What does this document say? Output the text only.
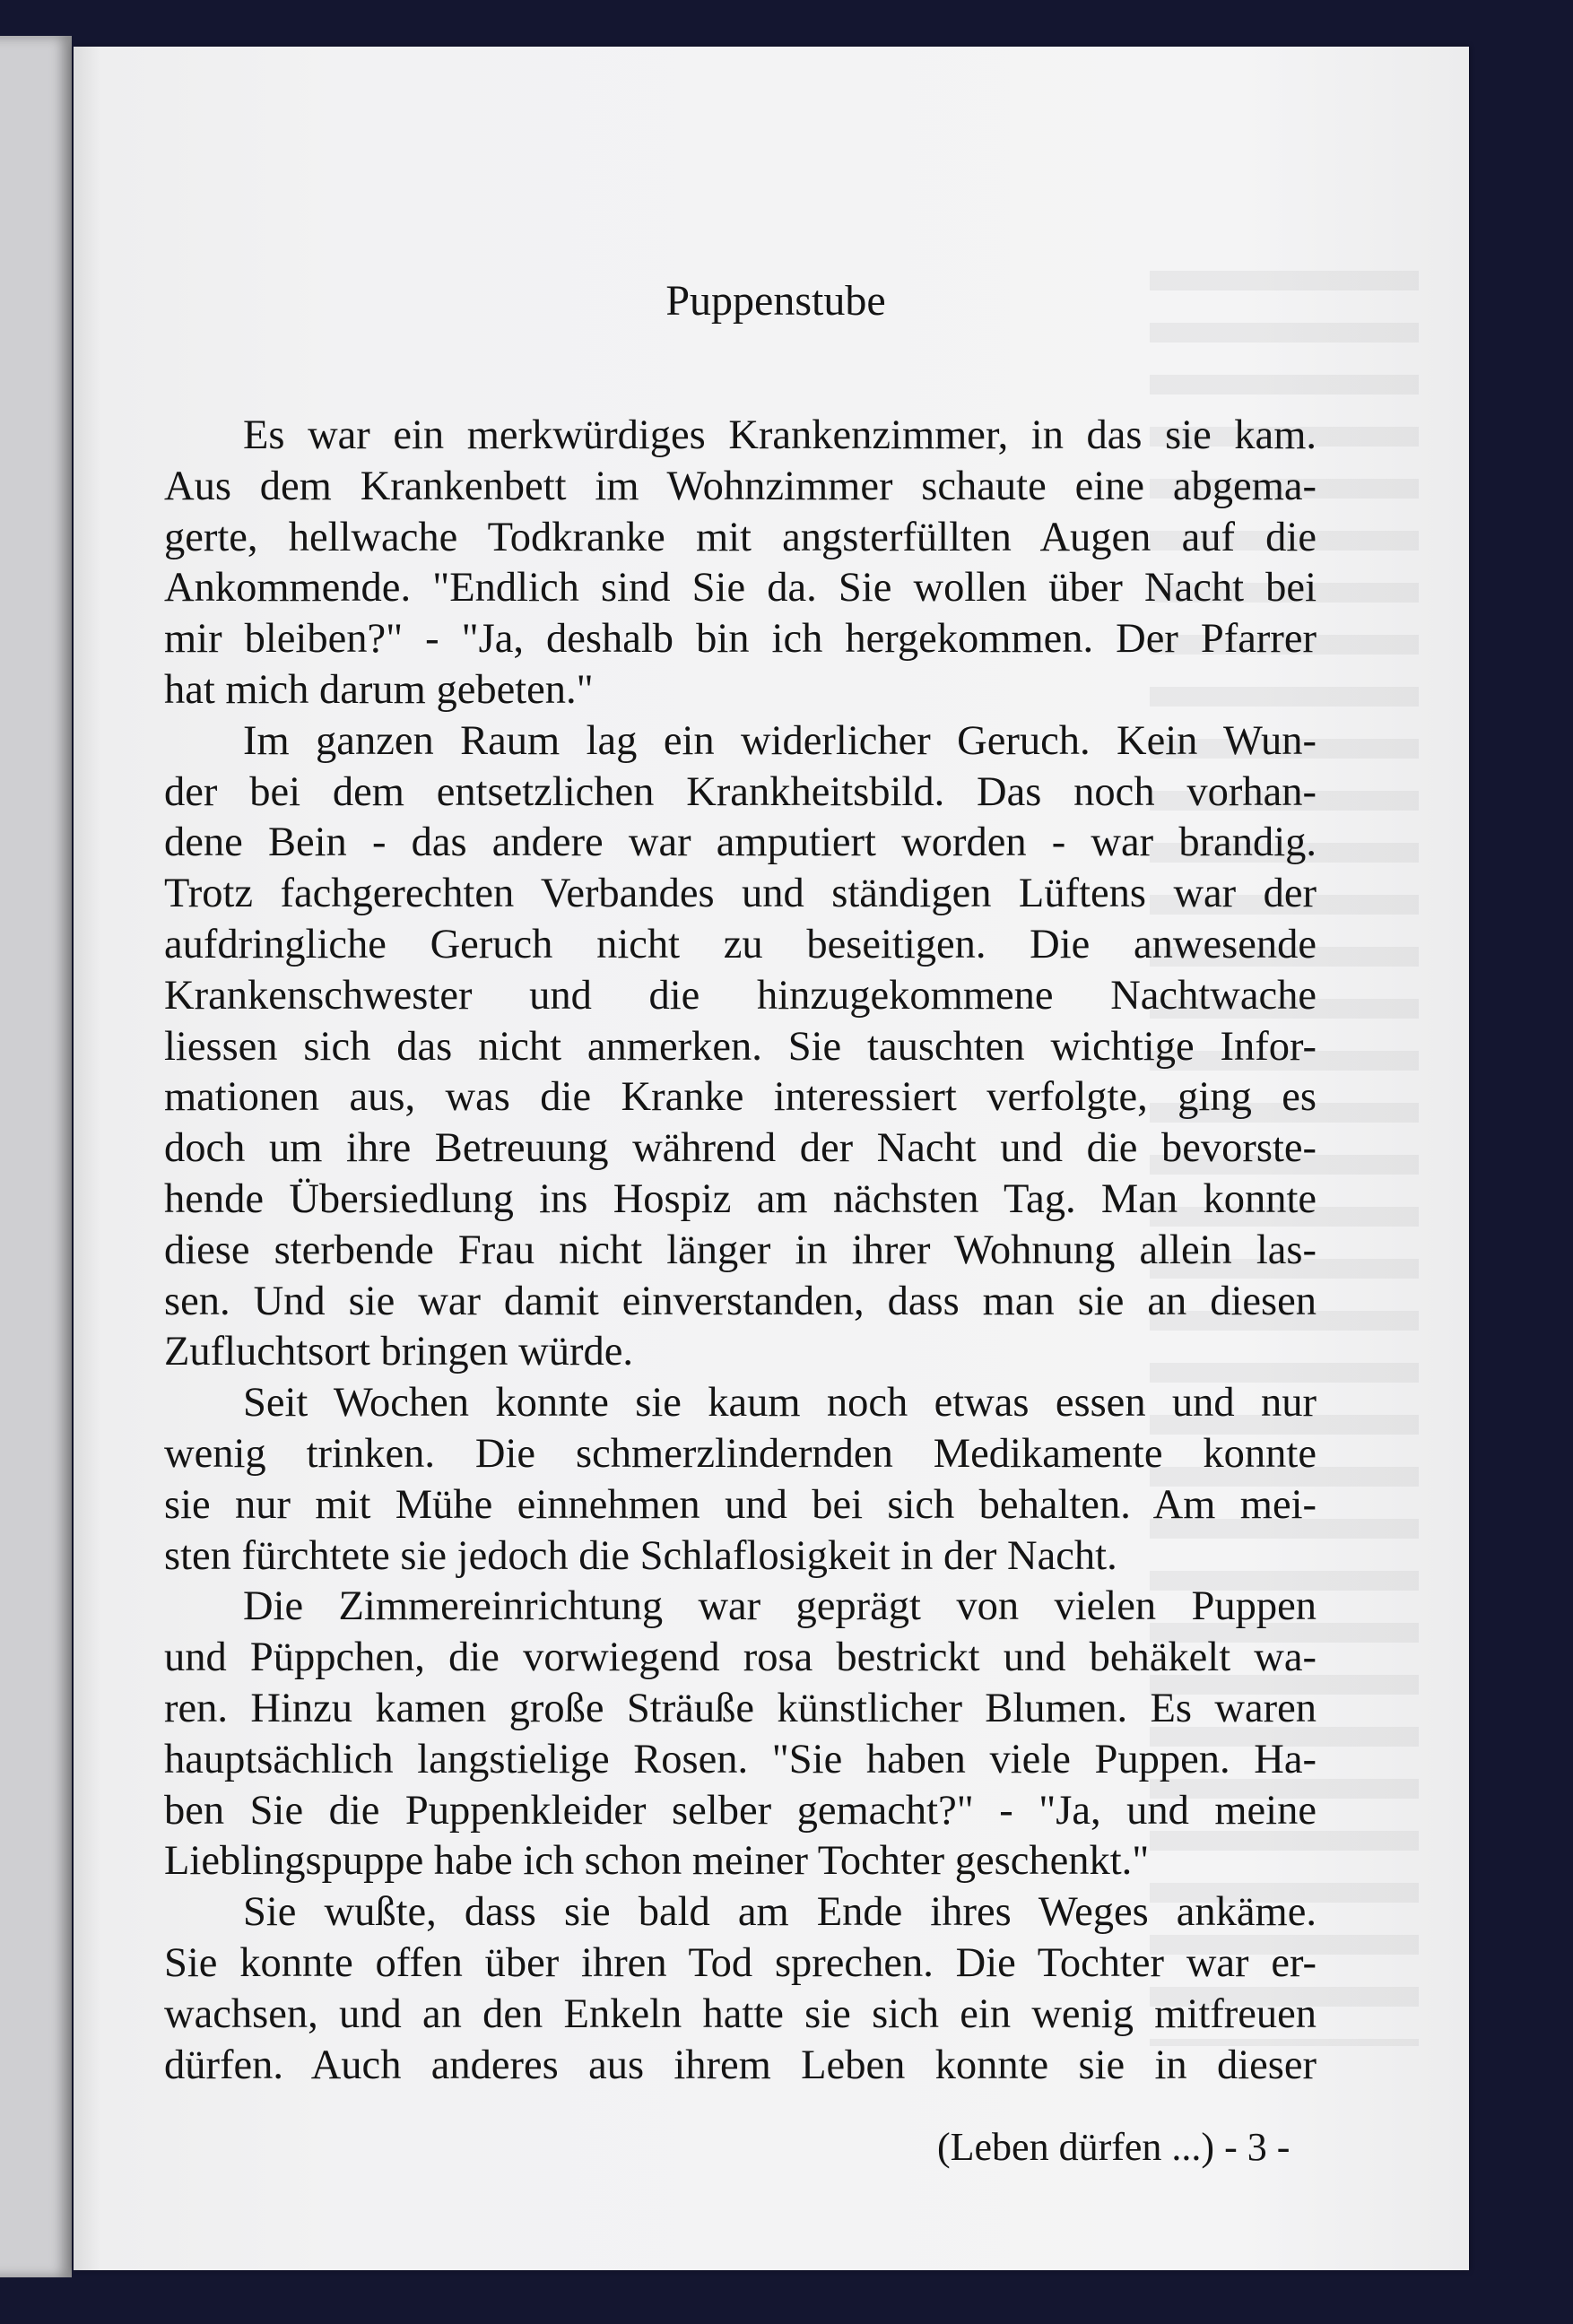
Puppenstube
Es war ein merkwürdiges Krankenzimmer, in das sie kam.
Aus dem Krankenbett im Wohnzimmer schaute eine abgema-
gerte, hellwache Todkranke mit angsterfüllten Augen auf die
Ankommende. "Endlich sind Sie da. Sie wollen über Nacht bei
mir bleiben?" - "Ja, deshalb bin ich hergekommen. Der Pfarrer
hat mich darum gebeten."
Im ganzen Raum lag ein widerlicher Geruch. Kein Wun-
der bei dem entsetzlichen Krankheitsbild. Das noch vorhan-
dene Bein - das andere war amputiert worden - war brandig.
Trotz fachgerechten Verbandes und ständigen Lüftens war der
aufdringliche Geruch nicht zu beseitigen. Die anwesende
Krankenschwester und die hinzugekommene Nachtwache
liessen sich das nicht anmerken. Sie tauschten wichtige Infor-
mationen aus, was die Kranke interessiert verfolgte, ging es
doch um ihre Betreuung während der Nacht und die bevorste-
hende Übersiedlung ins Hospiz am nächsten Tag. Man konnte
diese sterbende Frau nicht länger in ihrer Wohnung allein las-
sen. Und sie war damit einverstanden, dass man sie an diesen
Zufluchtsort bringen würde.
Seit Wochen konnte sie kaum noch etwas essen und nur
wenig trinken. Die schmerzlindernden Medikamente konnte
sie nur mit Mühe einnehmen und bei sich behalten. Am mei-
sten fürchtete sie jedoch die Schlaflosigkeit in der Nacht.
Die Zimmereinrichtung war geprägt von vielen Puppen
und Püppchen, die vorwiegend rosa bestrickt und behäkelt wa-
ren. Hinzu kamen große Sträuße künstlicher Blumen. Es waren
hauptsächlich langstielige Rosen. "Sie haben viele Puppen. Ha-
ben Sie die Puppenkleider selber gemacht?" - "Ja, und meine
Lieblingspuppe habe ich schon meiner Tochter geschenkt."
Sie wußte, dass sie bald am Ende ihres Weges ankäme.
Sie konnte offen über ihren Tod sprechen. Die Tochter war er-
wachsen, und an den Enkeln hatte sie sich ein wenig mitfreuen
dürfen. Auch anderes aus ihrem Leben konnte sie in dieser
(Leben dürfen ...) - 3 -
